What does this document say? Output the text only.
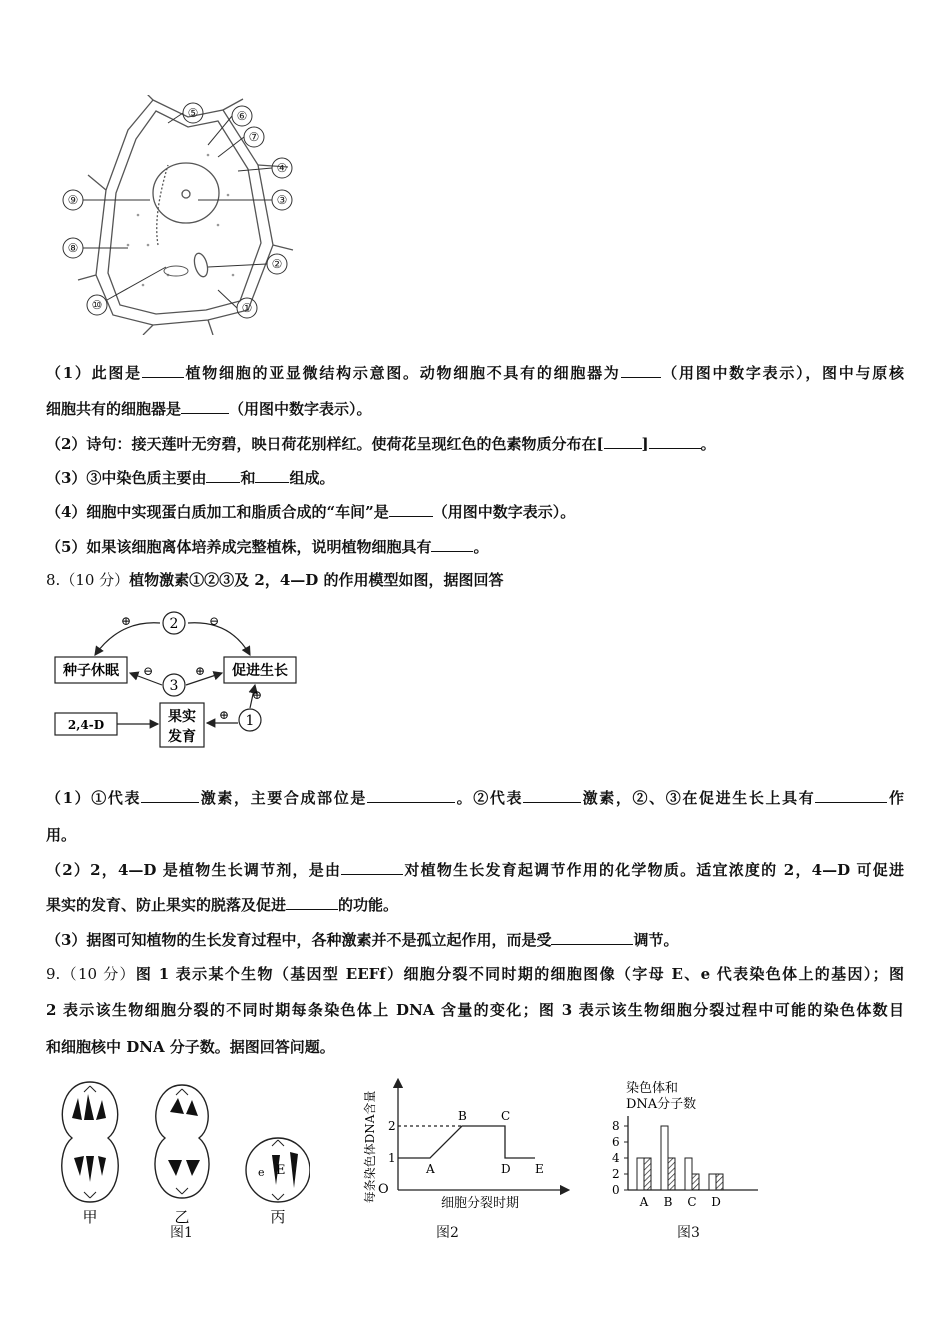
⑤	⑥
⑦
④
③
②
①
⑨
⑧
⑩
（1）此图是	植物细胞的亚显微结构示意图。动物细胞不具有的细胞器为	（用图中数字表示），图中与原核
细胞共有的细胞器是	（用图中数字表示）。
（2）诗句：接天莲叶无穷碧，映日荷花别样红。使荷花呈现红色的色素物质分布在[	]	。
（3）③中染色质主要由 和 组成。
（4）细胞中实现蛋白质加工和脂质合成的“车间”是	（用图中数字表示）。
（5）如果该细胞离体培养成完整植株，说明植物细胞具有	。
8.（10 分）植物激素①②③及 2，4—D 的作用模型如图，据图回答
种子休眠	促进生长
果实
发育
2,4-D
2
3
1
⊕	⊖
⊖	⊕
⊕
⊕
（1）①代表	激素，主要合成部位是	。②代表	激素，②、③在促进生长上具有	作
用。
（2）2，4—D 是植物生长调节剂，是由	对植物生长发育起调节作用的化学物质。适宜浓度的 2，4—D 可促进
果实的发育、防止果实的脱落及促进	的功能。
（3）据图可知植物的生长发育过程中，各种激素并不是孤立起作用，而是受	调节。
9.（10 分）图 1 表示某个生物（基因型 EEFf）细胞分裂不同时期的细胞图像（字母 E、e 代表染色体上的基因）；图
2 表示该生物细胞分裂的不同时期每条染色体上 DNA 含量的变化；图 3 表示该生物细胞分裂过程中可能的染色体数目
和细胞核中 DNA 分子数。据图回答问题。
e E
甲	乙	丙
图1
O
1
2
A
B	C
D E
细胞分裂时期
每条染色体DNA含量
图2
染色体和
DNA分子数
0
2
4
6
8
A B C D
图3
